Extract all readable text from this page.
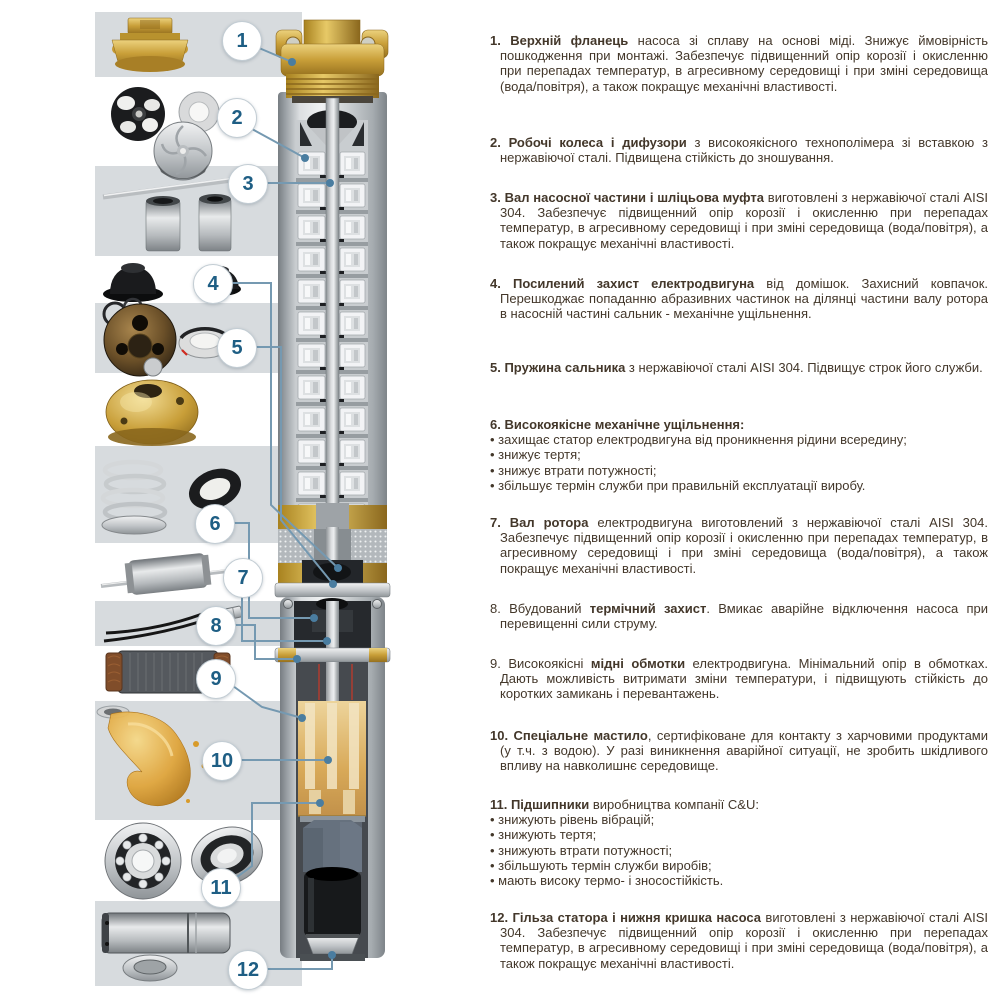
1
2
3
4
5
6
7
8
9
10
11
12
1. Верхній фланець насоса зі сплаву на основі міді. Знижує ймовірність пошкодження при монтажі. Забезпечує підвищенний опір корозії і окисленню при перепадах температур, в агресивному середовищі і при зміні середовища (вода/повітря), а також покращує механічні властивості.
2. Робочі колеса і дифузори з високоякісного технополімера зі вставкою з нержавіючої сталі. Підвищена стійкість до зношування.
3. Вал насосної частини і шліцьова муфта виготовлені з нержавіючої сталі AISI 304. Забезпечує підвищенний опір корозії і окисленню при перепадах температур, в агресивному середовищі і при зміні середовища (вода/повітря), а також покращує механічні властивості.
4. Посилений захист електродвигуна від домішок. Захисний ковпачок. Перешкоджає попаданню абразивних частинок на ділянці частини валу ротора в насосній частині сальник - механічне ущільнення.
5. Пружина сальника з нержавіючої сталі AISI 304. Підвищує строк його служби.
6. Високоякісне механічне ущільнення:
• захищає статор електродвигуна від проникнення рідини всередину;
• знижує тертя;
• знижує втрати потужності;
• збільшує термін служби при правильній експлуатації виробу.
7. Вал ротора електродвигуна виготовлений з нержавіючої сталі AISI 304. Забезпечує підвищенний опір корозії і окисленню при перепадах температур, в агресивному середовищі і при зміні середовища (вода/повітря), а також покращує механічні властивості.
8. Вбудований термічний захист. Вмикає аварійне відключення насоса при перевищенні сили струму.
9. Високоякісні мідні обмотки електродвигуна. Мінімальний опір в обмотках. Дають можливість витримати зміни температури, і підвищують стійкість до коротких замикань і перевантажень.
10. Спеціальне мастило, сертифіковане для контакту з харчовими продуктами (у т.ч. з водою). У разі виникнення аварійної ситуації, не зробить шкідливого впливу на навколишнє середовище.
11. Підшипники виробництва компанії C&U:
• знижують рівень вібрацій;
• знижують тертя;
• знижують втрати потужності;
• збільшують термін служби виробів;
• мають високу термо- і зносостійкість.
12. Гільза статора і нижня кришка насоса виготовлені з нержавіючої сталі AISI 304. Забезпечує підвищенний опір корозії і окисленню при перепадах температур, в агресивному середовищі і при зміні середовища (вода/повітря), а також покращує механічні властивості.
